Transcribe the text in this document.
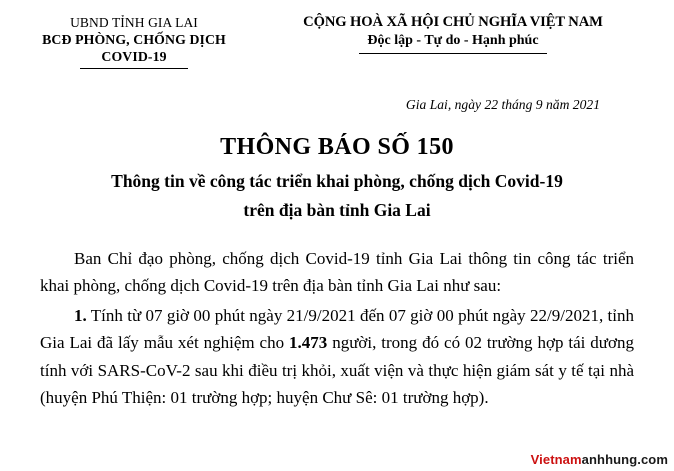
UBND TỈNH GIA LAI
BCĐ PHÒNG, CHỐNG DỊCH
COVID-19
CỘNG HOÀ XÃ HỘI CHỦ NGHĨA VIỆT NAM
Độc lập - Tự do - Hạnh phúc
Gia Lai, ngày 22 tháng 9 năm 2021
THÔNG BÁO SỐ 150
Thông tin về công tác triển khai phòng, chống dịch Covid-19
trên địa bàn tỉnh Gia Lai

Ban Chỉ đạo phòng, chống dịch Covid-19 tỉnh Gia Lai thông tin công tác triển khai phòng, chống dịch Covid-19 trên địa bàn tỉnh Gia Lai như sau:

1. Tính từ 07 giờ 00 phút ngày 21/9/2021 đến 07 giờ 00 phút ngày 22/9/2021, tỉnh Gia Lai đã lấy mẫu xét nghiệm cho 1.473 người, trong đó có 02 trường hợp tái dương tính với SARS-CoV-2 sau khi điều trị khỏi, xuất viện và thực hiện giám sát y tế tại nhà (huyện Phú Thiện: 01 trường hợp; huyện Chư Sê: 01 trường hợp).

Vietnamanhhung.com
